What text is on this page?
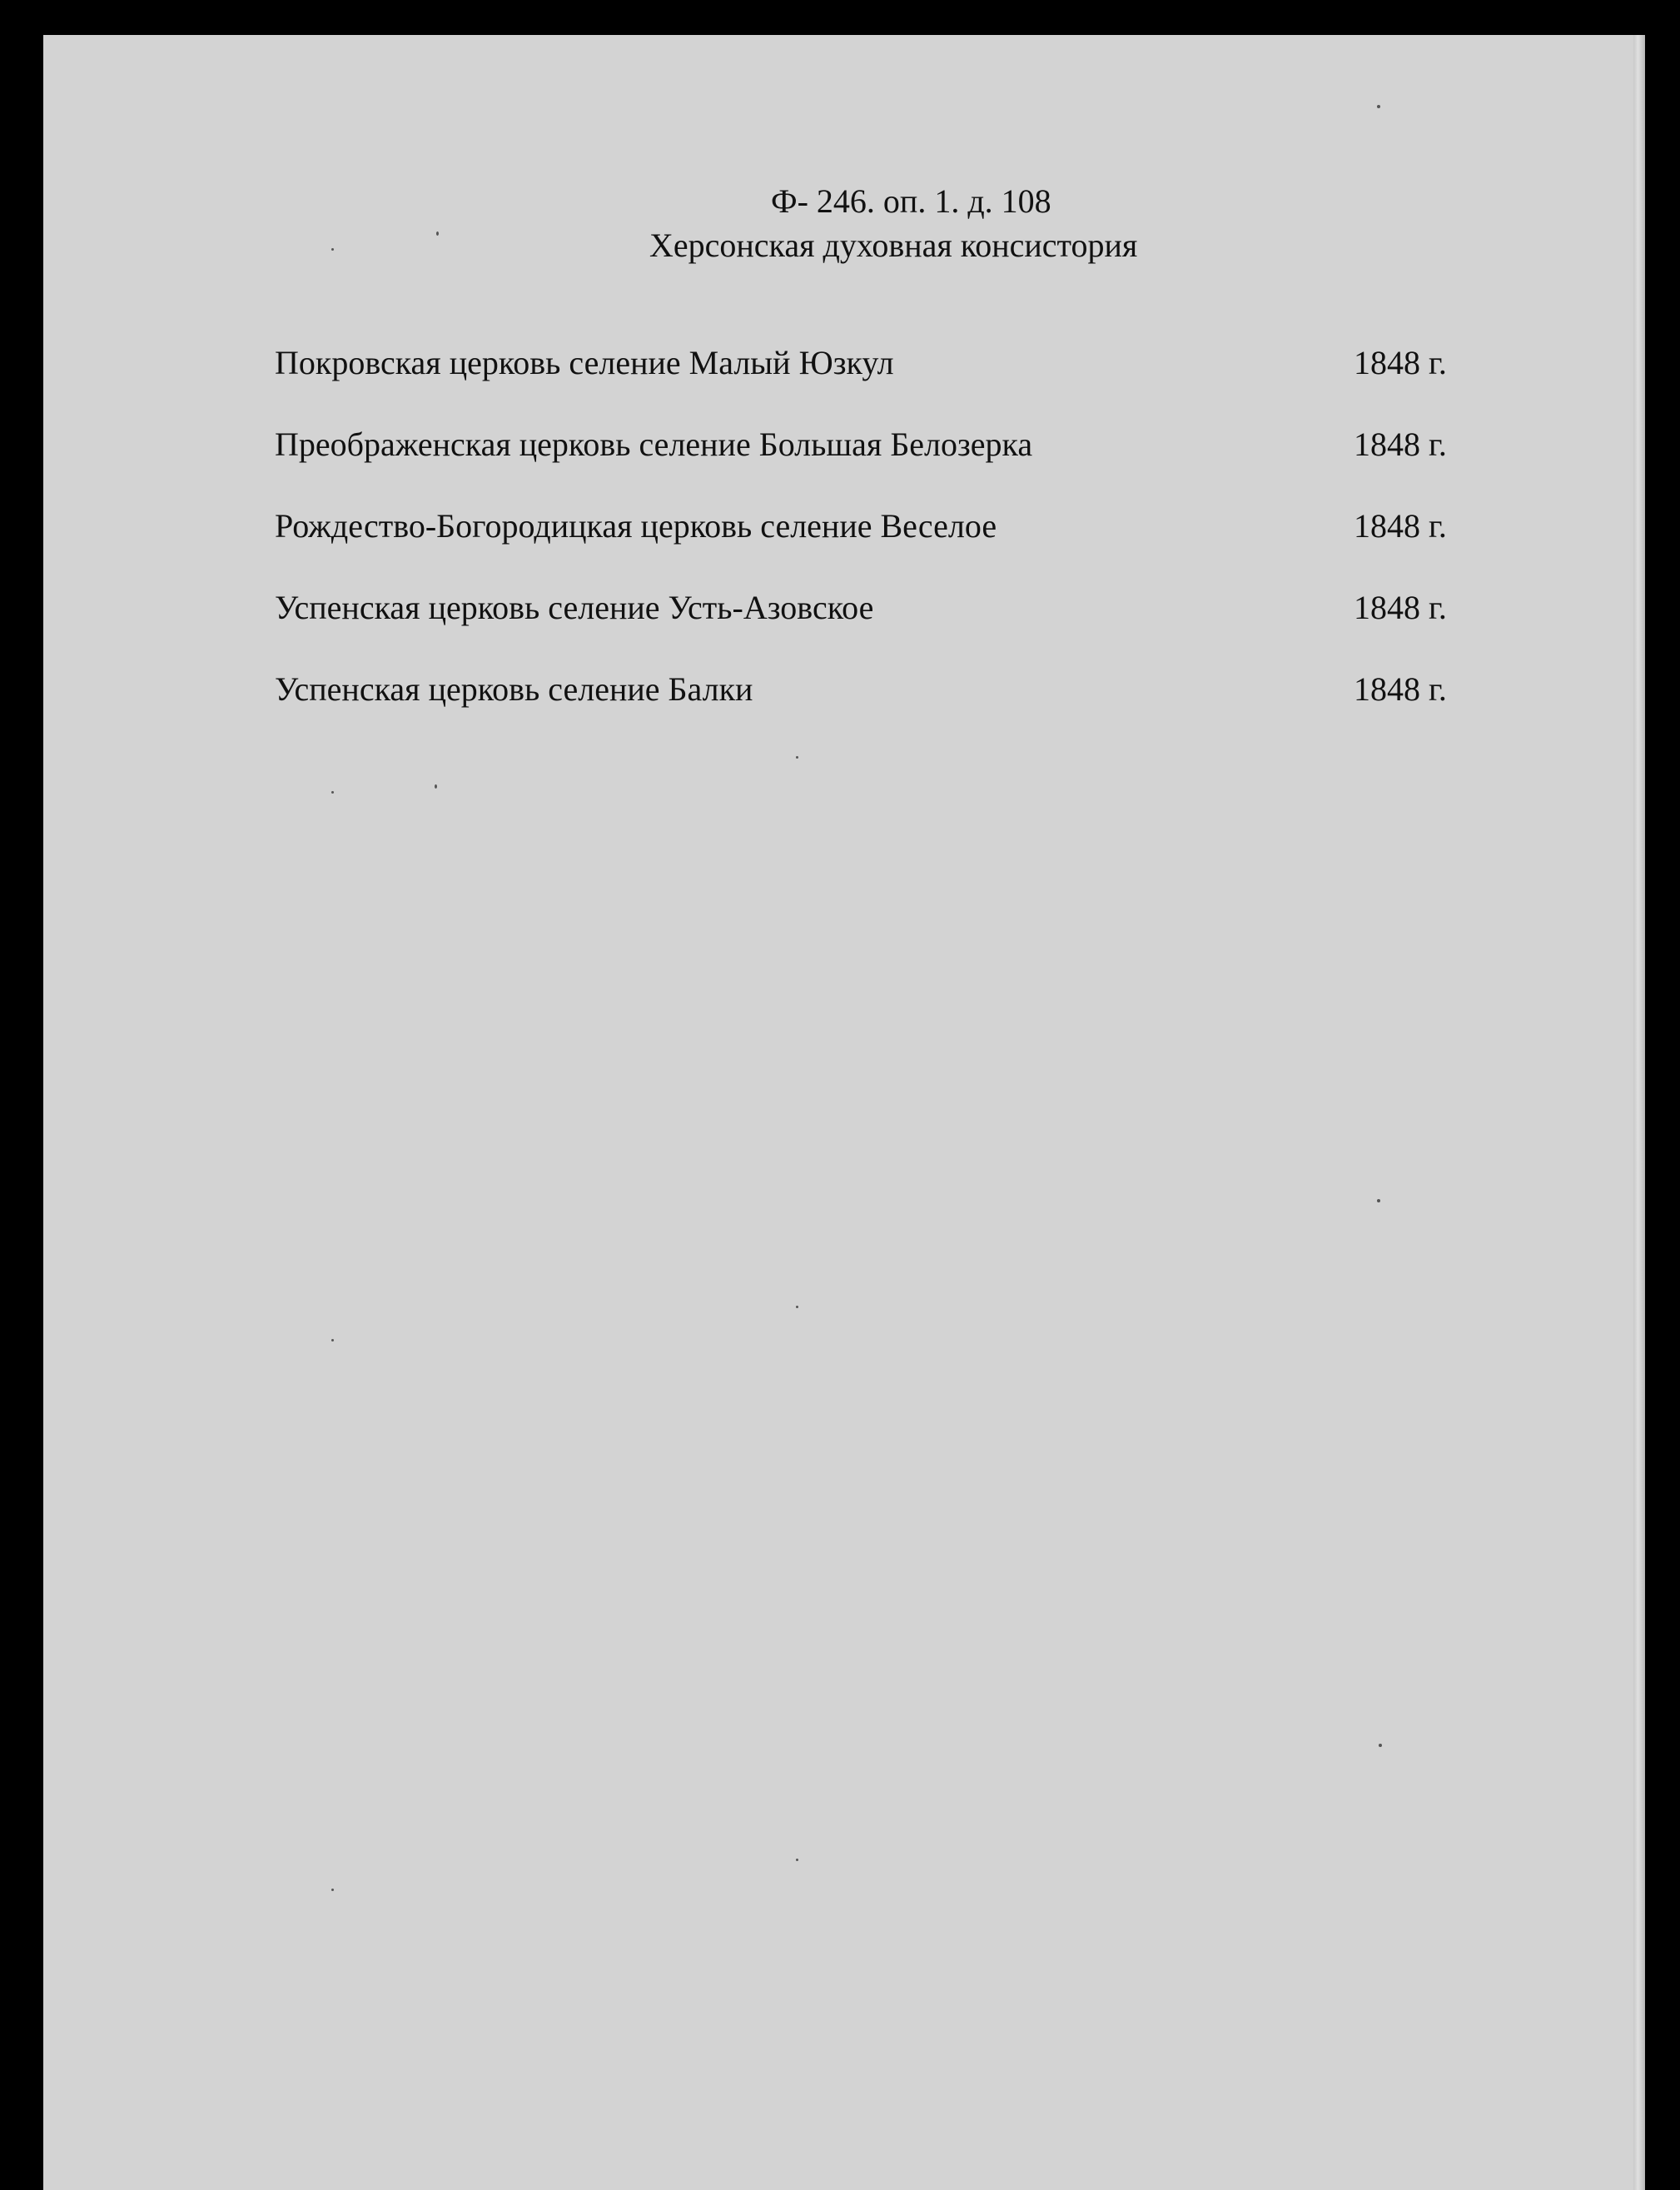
Ф- 246. оп. 1. д. 108
Херсонская духовная консистория
Покровская церковь селение Малый Юзкул	1848 г.
Преображенская церковь селение Большая Белозерка	1848 г.
Рождество-Богородицкая церковь селение Веселое	1848 г.
Успенская церковь селение Усть-Азовское	1848 г.
Успенская церковь селение Балки	1848 г.
